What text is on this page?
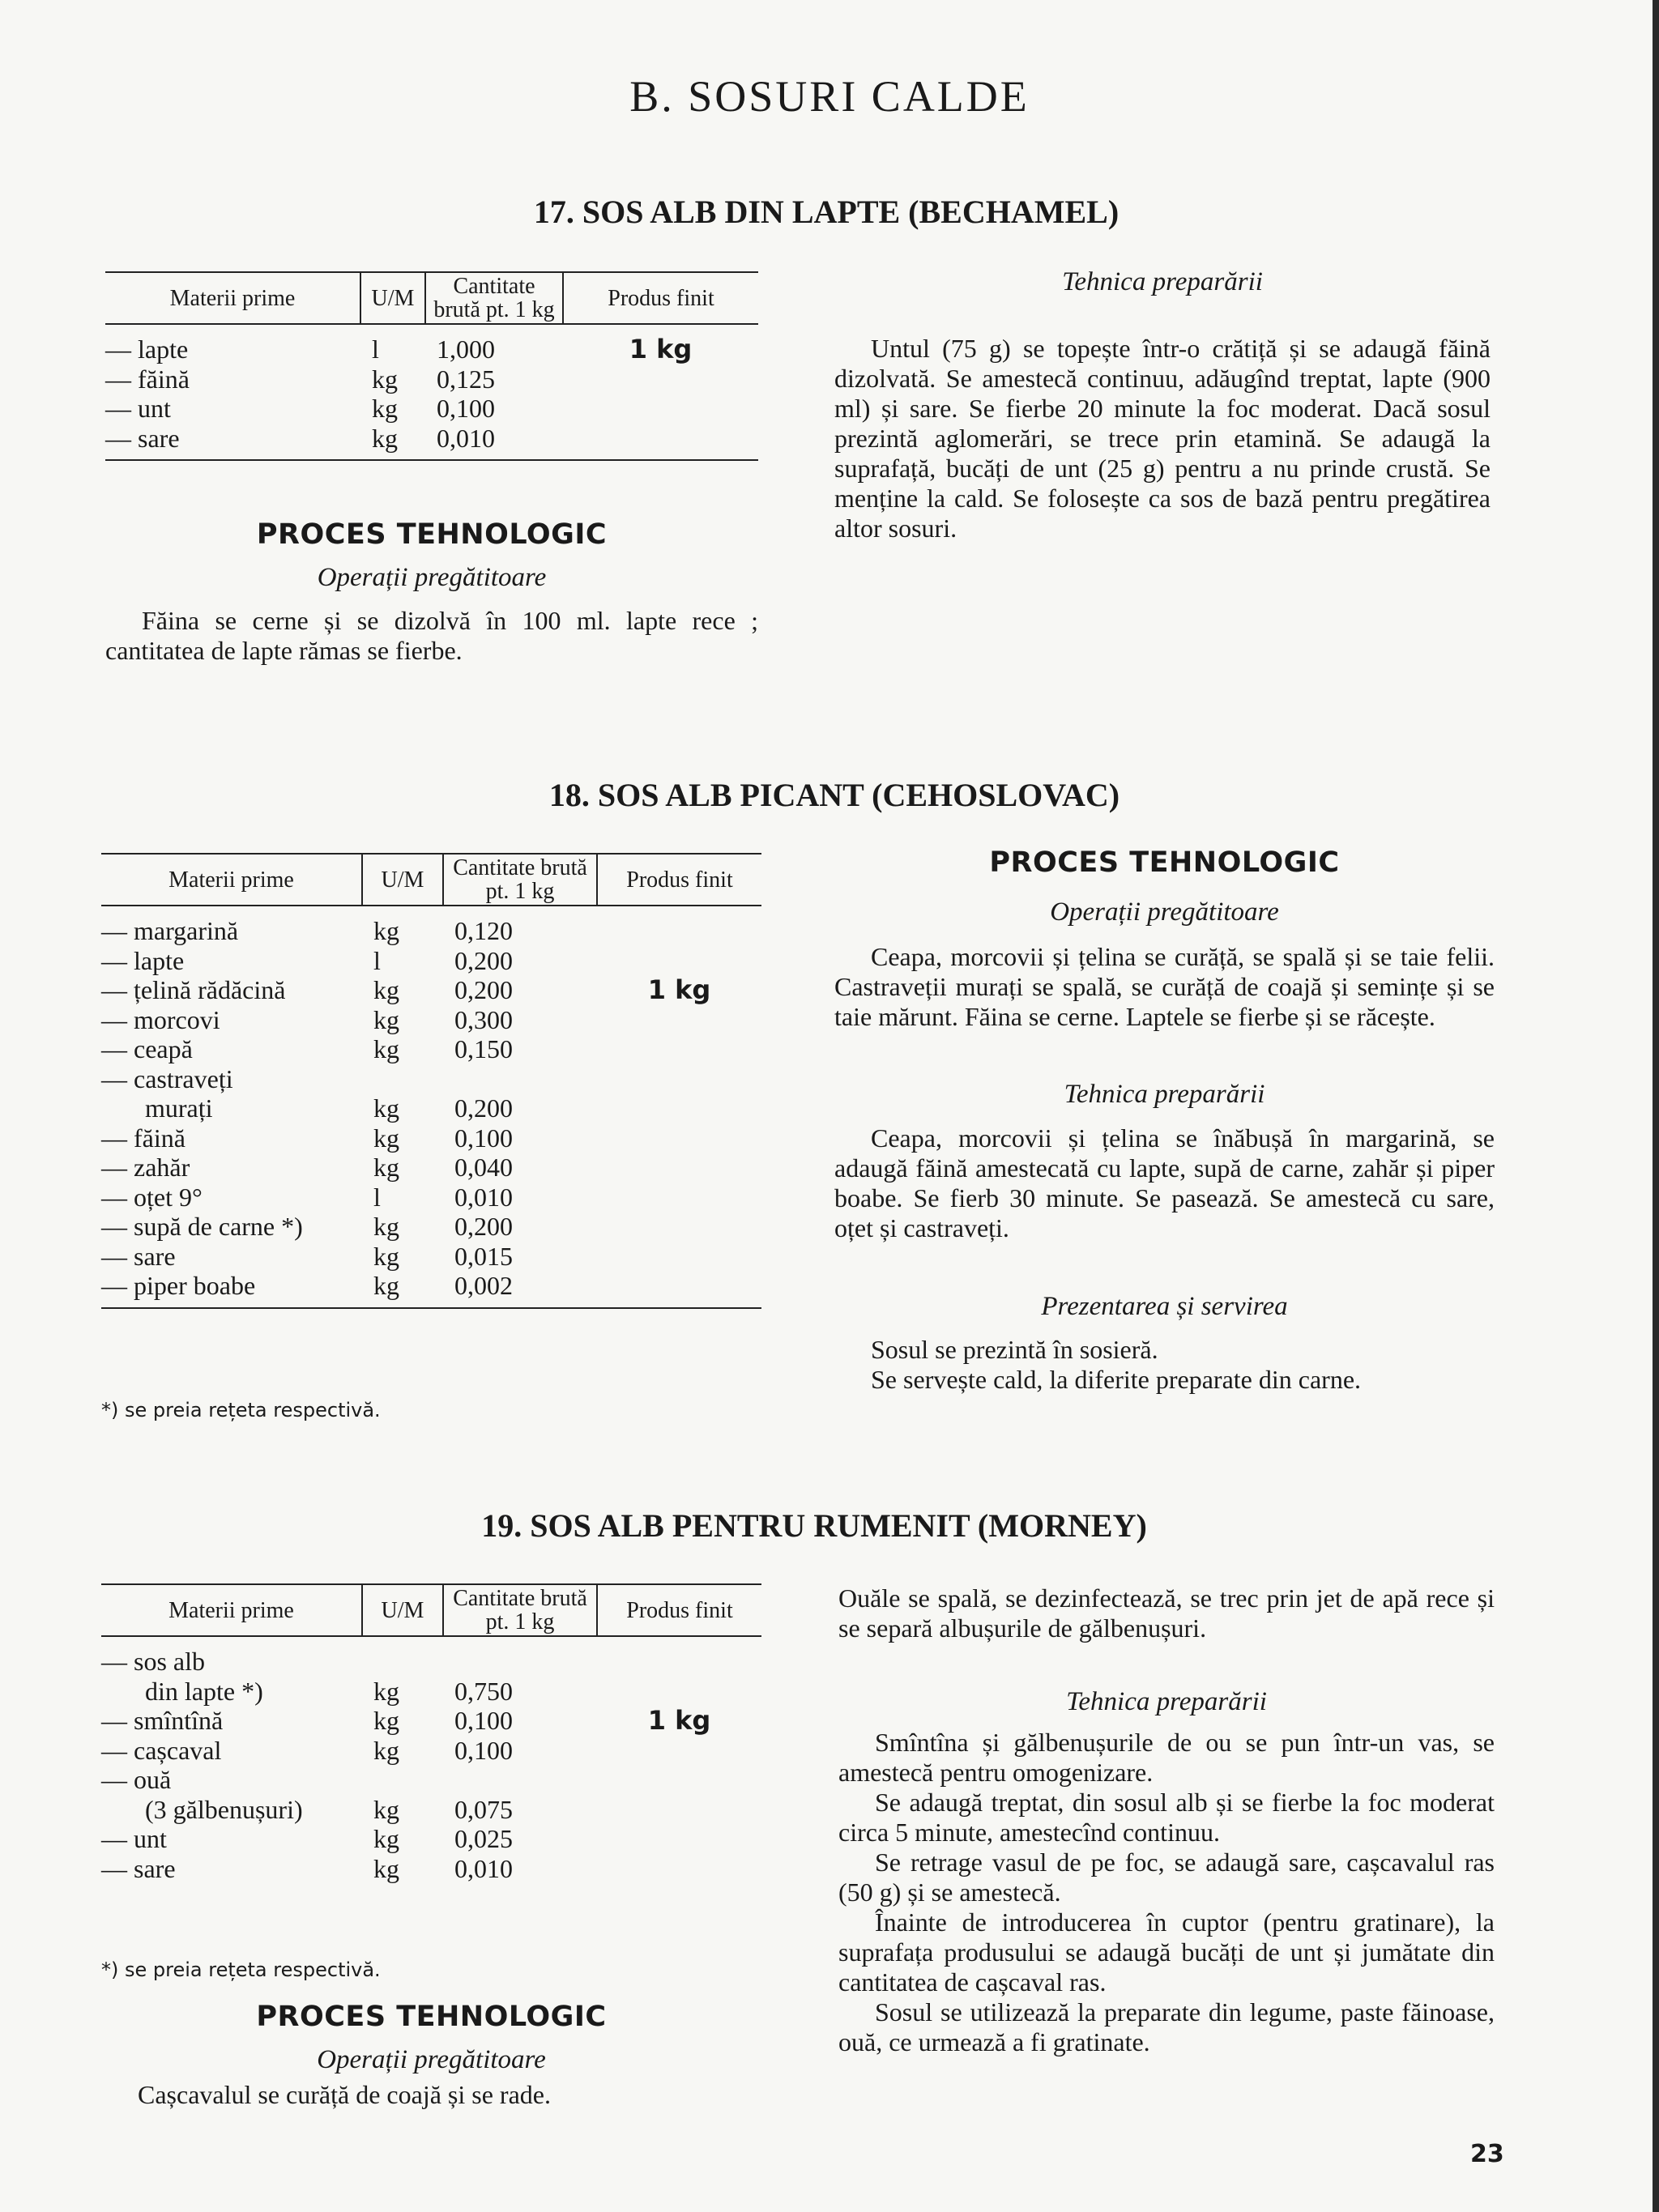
B. SOSURI CALDE
17. SOS ALB DIN LAPTE (BECHAMEL)
Materii prime	U/M	Cantitate brută pt. 1 kg	Produs finit
— lapte	l	1,000	1 kg
— făină	kg	0,125	
— unt	kg	0,100	
— sare	kg	0,010	
PROCES TEHNOLOGIC
Operații pregătitoare

Făina se cerne și se dizolvă în 100 ml. lapte rece ; cantitatea de lapte rămas se fierbe.

Tehnica preparării

Untul (75 g) se topește într-o crătiță și se adaugă făină dizolvată. Se amestecă continuu, adăugînd treptat, lapte (900 ml) și sare. Se fierbe 20 minute la foc moderat. Dacă sosul prezintă aglomerări, se trece prin etamină. Se adaugă la suprafață, bucăți de unt (25 g) pentru a nu prinde crustă. Se menține la cald. Se folosește ca sos de bază pentru pregătirea altor sosuri.

18. SOS ALB PICANT (CEHOSLOVAC)
Materii prime	U/M	Cantitate brută pt. 1 kg	Produs finit
— margarină	kg	0,120	
— lapte	l	0,200	
— țelină rădăcină	kg	0,200	1 kg
— morcovi	kg	0,300	
— ceapă	kg	0,150	
— castraveți			
murați	kg	0,200	
— făină	kg	0,100	
— zahăr	kg	0,040	
— oțet 9°	l	0,010	
— supă de carne *)	kg	0,200	
— sare	kg	0,015	
— piper boabe	kg	0,002	
*) se preia rețeta respectivă.
PROCES TEHNOLOGIC
Operații pregătitoare

Ceapa, morcovii și țelina se curăță, se spală și se taie felii. Castraveții murați se spală, se curăță de coajă și semințe și se taie mărunt. Făina se cerne. Laptele se fierbe și se răcește.

Tehnica preparării

Ceapa, morcovii și țelina se înăbușă în margarină, se adaugă făină amestecată cu lapte, supă de carne, zahăr și piper boabe. Se fierb 30 minute. Se pasează. Se amestecă cu sare, oțet și castraveți.

Prezentarea și servirea

Sosul se prezintă în sosieră.

Se servește cald, la diferite preparate din carne.

19. SOS ALB PENTRU RUMENIT (MORNEY)
Materii prime	U/M	Cantitate brută pt. 1 kg	Produs finit
— sos alb			
din lapte *)	kg	0,750	
— smîntînă	kg	0,100	1 kg
— cașcaval	kg	0,100	
— ouă			
(3 gălbenușuri)	kg	0,075	
— unt	kg	0,025	
— sare	kg	0,010	
*) se preia rețeta respectivă.
PROCES TEHNOLOGIC
Operații pregătitoare

Cașcavalul se curăță de coajă și se rade.

Ouăle se spală, se dezinfectează, se trec prin jet de apă rece și se separă albușurile de gălbenușuri.

Tehnica preparării

Smîntîna și gălbenușurile de ou se pun într-un vas, se amestecă pentru omogenizare.

Se adaugă treptat, din sosul alb și se fierbe la foc moderat circa 5 minute, amestecînd continuu.

Se retrage vasul de pe foc, se adaugă sare, cașcavalul ras (50 g) și se amestecă.

Înainte de introducerea în cuptor (pentru gratinare), la suprafața produsului se adaugă bucăți de unt și jumătate din cantitatea de cașcaval ras.

Sosul se utilizează la preparate din legume, paste făinoase, ouă, ce urmează a fi gratinate.

23
